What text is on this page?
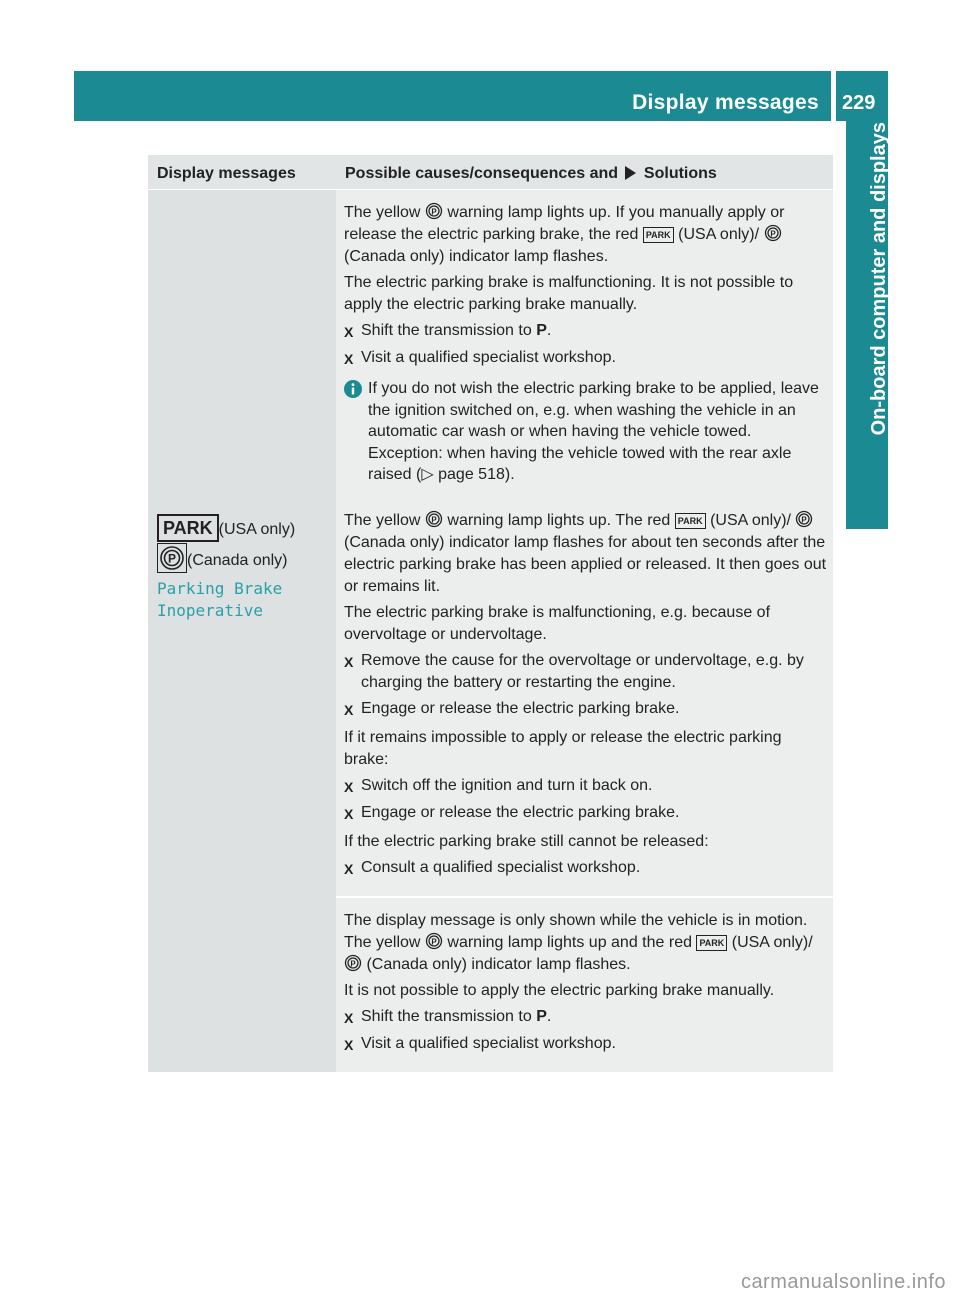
Display messages 229
On-board computer and displays
Display messages	Possible causes/consequences and Solutions

The yellow P warning lamp lights up. If you manually apply or release the electric parking brake, the red PARK (USA only)/ P
(Canada only) indicator lamp flashes.

The electric parking brake is malfunctioning. It is not possible to apply the electric parking brake manually.

X Shift the transmission to P.
X Visit a qualified specialist workshop.
If you do not wish the electric parking brake to be applied, leave the ignition switched on, e.g. when washing the vehicle in an automatic car wash or when having the vehicle towed. Exception: when having the vehicle towed with the rear axle raised (▷ page 518).
PARK (USA only)
P (Canada only)
Parking Brake
Inoperative

The yellow P warning lamp lights up. The red PARK (USA only)/ P
(Canada only) indicator lamp flashes for about ten seconds after the electric parking brake has been applied or released. It then goes out or remains lit.

The electric parking brake is malfunctioning, e.g. because of overvoltage or undervoltage.

X Remove the cause for the overvoltage or undervoltage, e.g. by charging the battery or restarting the engine.
X Engage or release the electric parking brake.

If it remains impossible to apply or release the electric parking brake:

X Switch off the ignition and turn it back on.
X Engage or release the electric parking brake.

If the electric parking brake still cannot be released:

X Consult a qualified specialist workshop.

The display message is only shown while the vehicle is in motion. The yellow P warning lamp lights up and the red PARK (USA only)/
P (Canada only) indicator lamp flashes.

It is not possible to apply the electric parking brake manually.

X Shift the transmission to P.
X Visit a qualified specialist workshop.
carmanualsonline.info
